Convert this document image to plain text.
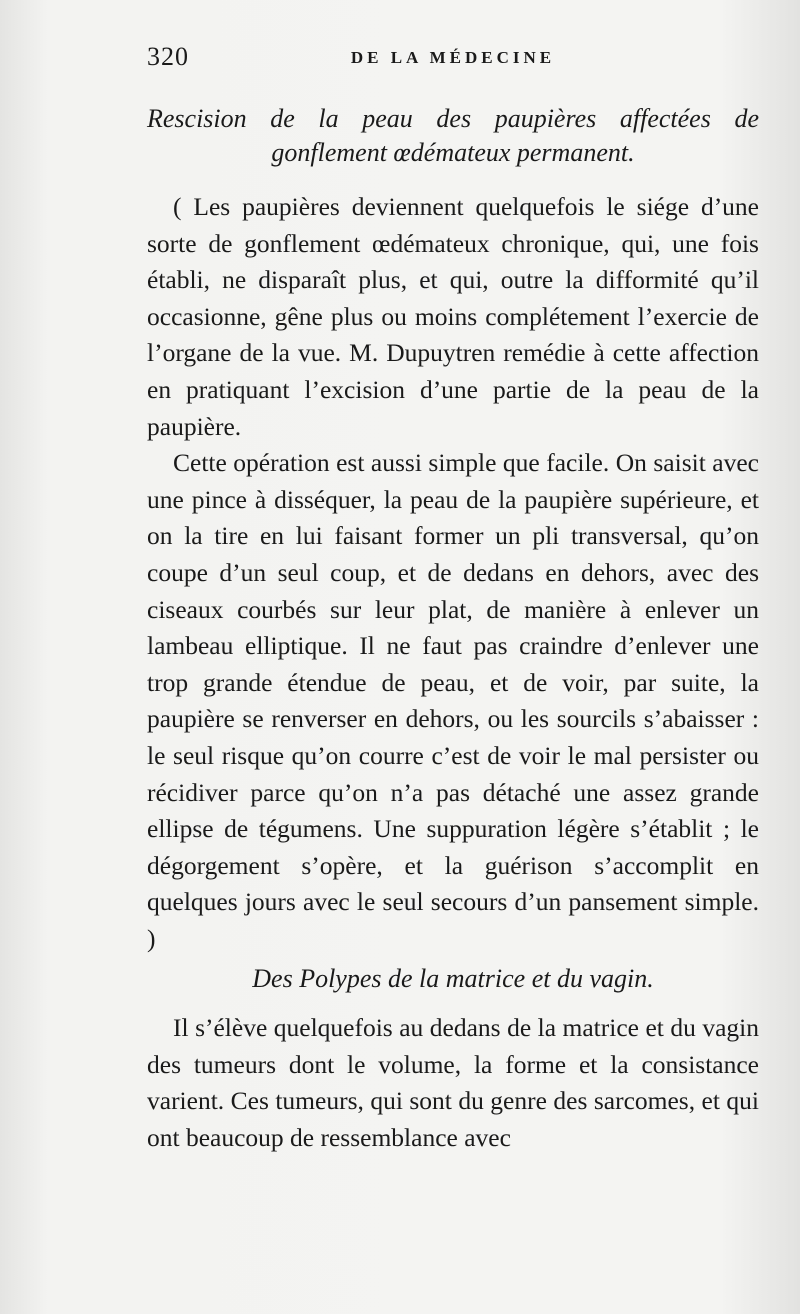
320	DE LA MÉDECINE
Rescision de la peau des paupières affectées de gonflement œdémateux permanent.

( Les paupières deviennent quelquefois le siége d’une sorte de gonflement œdémateux chronique, qui, une fois établi, ne disparaît plus, et qui, outre la difformité qu’il occasionne, gêne plus ou moins complétement l’exercie de l’organe de la vue. M. Dupuytren remédie à cette affection en pratiquant l’excision d’une partie de la peau de la paupière.

Cette opération est aussi simple que facile. On saisit avec une pince à disséquer, la peau de la paupière supérieure, et on la tire en lui faisant former un pli transversal, qu’on coupe d’un seul coup, et de dedans en dehors, avec des ciseaux courbés sur leur plat, de manière à enlever un lambeau elliptique. Il ne faut pas craindre d’enlever une trop grande étendue de peau, et de voir, par suite, la paupière se renverser en dehors, ou les sourcils s’abaisser : le seul risque qu’on courre c’est de voir le mal persister ou récidiver parce qu’on n’a pas détaché une assez grande ellipse de tégumens. Une suppuration légère s’établit ; le dégorgement s’opère, et la guérison s’accomplit en quelques jours avec le seul secours d’un pansement simple. )

Des Polypes de la matrice et du vagin.

Il s’élève quelquefois au dedans de la matrice et du vagin des tumeurs dont le volume, la forme et la consistance varient. Ces tumeurs, qui sont du genre des sarcomes, et qui ont beaucoup de ressemblance avec
